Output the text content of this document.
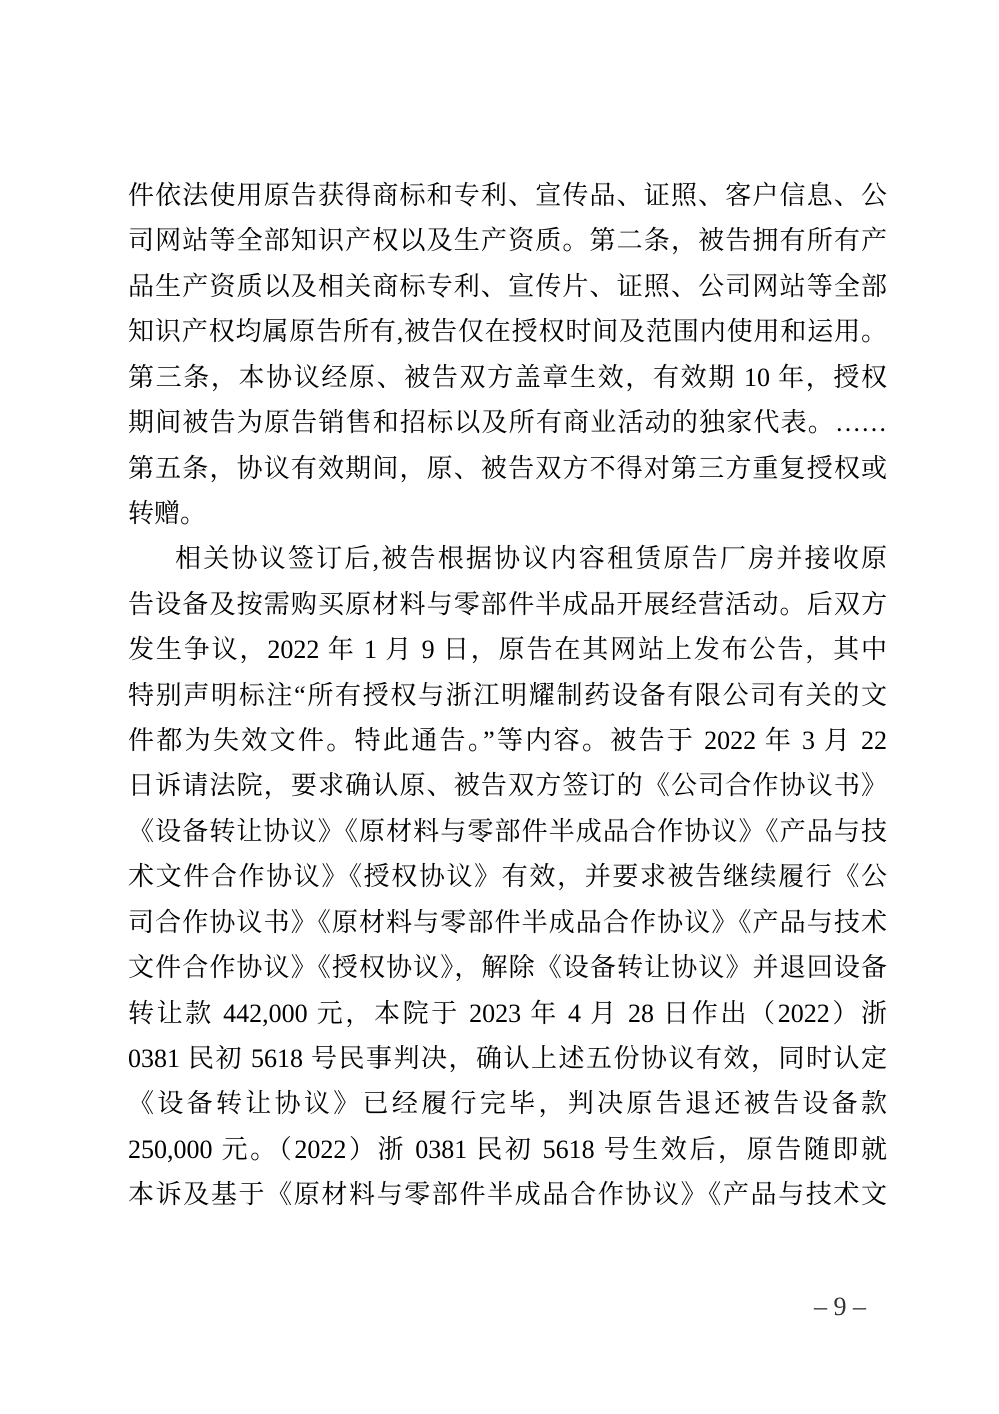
件依法使用原告获得商标和专利、宣传品、证照、客户信息、公
司网站等全部知识产权以及生产资质。第二条，被告拥有所有产
品生产资质以及相关商标专利、宣传片、证照、公司网站等全部
知识产权均属原告所有,被告仅在授权时间及范围内使用和运用。
第三条，本协议经原、被告双方盖章生效，有效期 10 年，授权
期间被告为原告销售和招标以及所有商业活动的独家代表。……
第五条，协议有效期间，原、被告双方不得对第三方重复授权或
转赠。
相关协议签订后,被告根据协议内容租赁原告厂房并接收原
告设备及按需购买原材料与零部件半成品开展经营活动。后双方
发生争议，2022 年 1 月 9 日，原告在其网站上发布公告，其中
特别声明标注“所有授权与浙江明耀制药设备有限公司有关的文
件都为失效文件。特此通告。”等内容。被告于 2022 年 3 月 22
日诉请法院，要求确认原、被告双方签订的《公司合作协议书》
《设备转让协议》《原材料与零部件半成品合作协议》《产品与技
术文件合作协议》《授权协议》有效，并要求被告继续履行《公
司合作协议书》《原材料与零部件半成品合作协议》《产品与技术
文件合作协议》《授权协议》，解除《设备转让协议》并退回设备
转让款 442,000 元，本院于 2023 年 4 月 28 日作出（2022）浙
0381 民初 5618 号民事判决，确认上述五份协议有效，同时认定
《设备转让协议》已经履行完毕，判决原告退还被告设备款
250,000 元。（2022）浙 0381 民初 5618 号生效后，原告随即就
本诉及基于《原材料与零部件半成品合作协议》《产品与技术文
– 9 –
